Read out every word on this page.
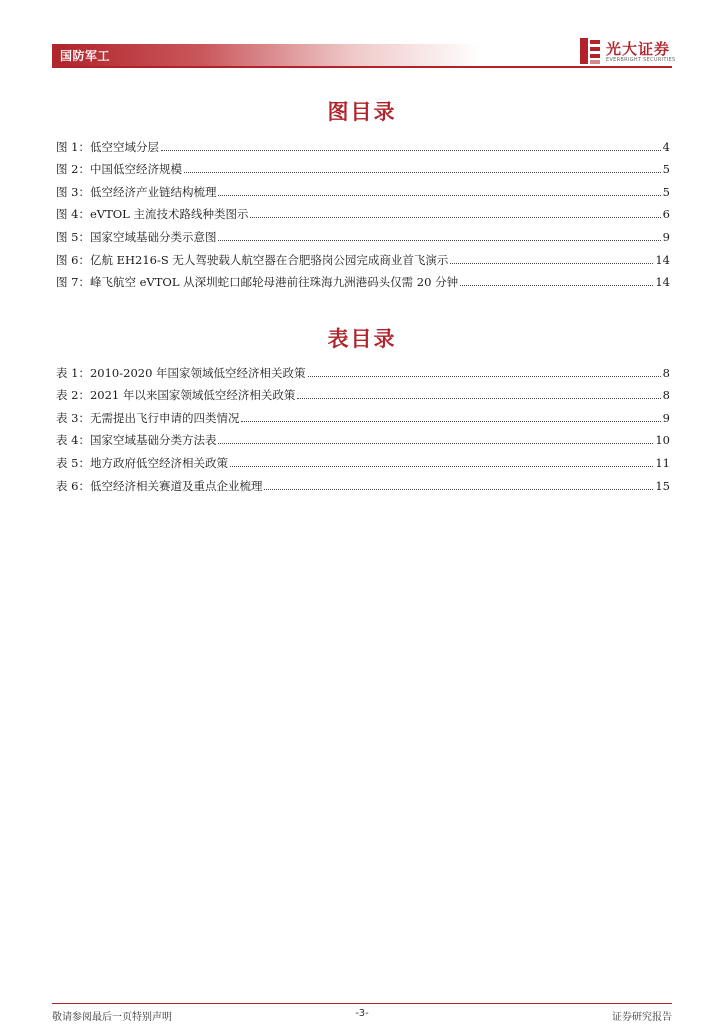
国防军工	光大证券
EVERBRIGHT SECURITIES
图目录
图 1：低空空域分层	4
图 2：中国低空经济规模	5
图 3：低空经济产业链结构梳理	5
图 4：eVTOL 主流技术路线种类图示	6
图 5：国家空域基础分类示意图	9
图 6：亿航 EH216-S 无人驾驶载人航空器在合肥骆岗公园完成商业首飞演示	14
图 7：峰飞航空 eVTOL 从深圳蛇口邮轮母港前往珠海九洲港码头仅需 20 分钟	14
表目录
表 1：2010-2020 年国家领域低空经济相关政策	8
表 2：2021 年以来国家领域低空经济相关政策	8
表 3：无需提出飞行申请的四类情况	9
表 4：国家空域基础分类方法表	10
表 5：地方政府低空经济相关政策	11
表 6：低空经济相关赛道及重点企业梳理	15
敬请参阅最后一页特别声明	-3-	证券研究报告
